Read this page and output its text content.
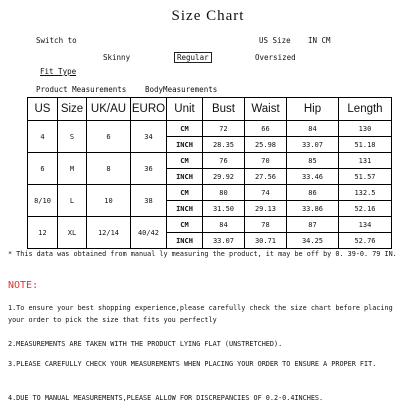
Size Chart
Switch to	US Size IN CM
Skinny	Regular	Oversized
Fit Type
Product Measurements BodyMeasurements
US	Size	UK/AU	EURO	Unit	Bust	Waist	Hip	Length
4	S	6	34	CM	72	66	84	130
				INCH	28.35	25.98	33.07	51.18
6	M	8	36	CM	76	70	85	131
				INCH	29.92	27.56	33.46	51.57
8/10	L	10	38	CM	80	74	86	132.5
				INCH	31.50	29.13	33.86	52.16
12	XL	12/14	40/42	CM	84	78	87	134
				INCH	33.07	30.71	34.25	52.76
* This data was obtained from manual ly measuring the product, it may be off by 0. 39-0. 79 IN.
NOTE:
1.To ensure your best shopping experience,please carefully check the size chart before placing your order to pick the size that fits you perfectly
2.MEASUREMENTS ARE TAKEN WITH THE PRODUCT LYING FLAT (UNSTRETCHED).
3.PLEASE CAREFULLY CHECK YOUR MEASUREMENTS WHEN PLACING YOUR ORDER TO ENSURE A PROPER FIT.
4.DUE TO MANUAL MEASUREMENTS,PLEASE ALLOW FOR DISCREPANCIES OF 0.2-0.4INCHES.
